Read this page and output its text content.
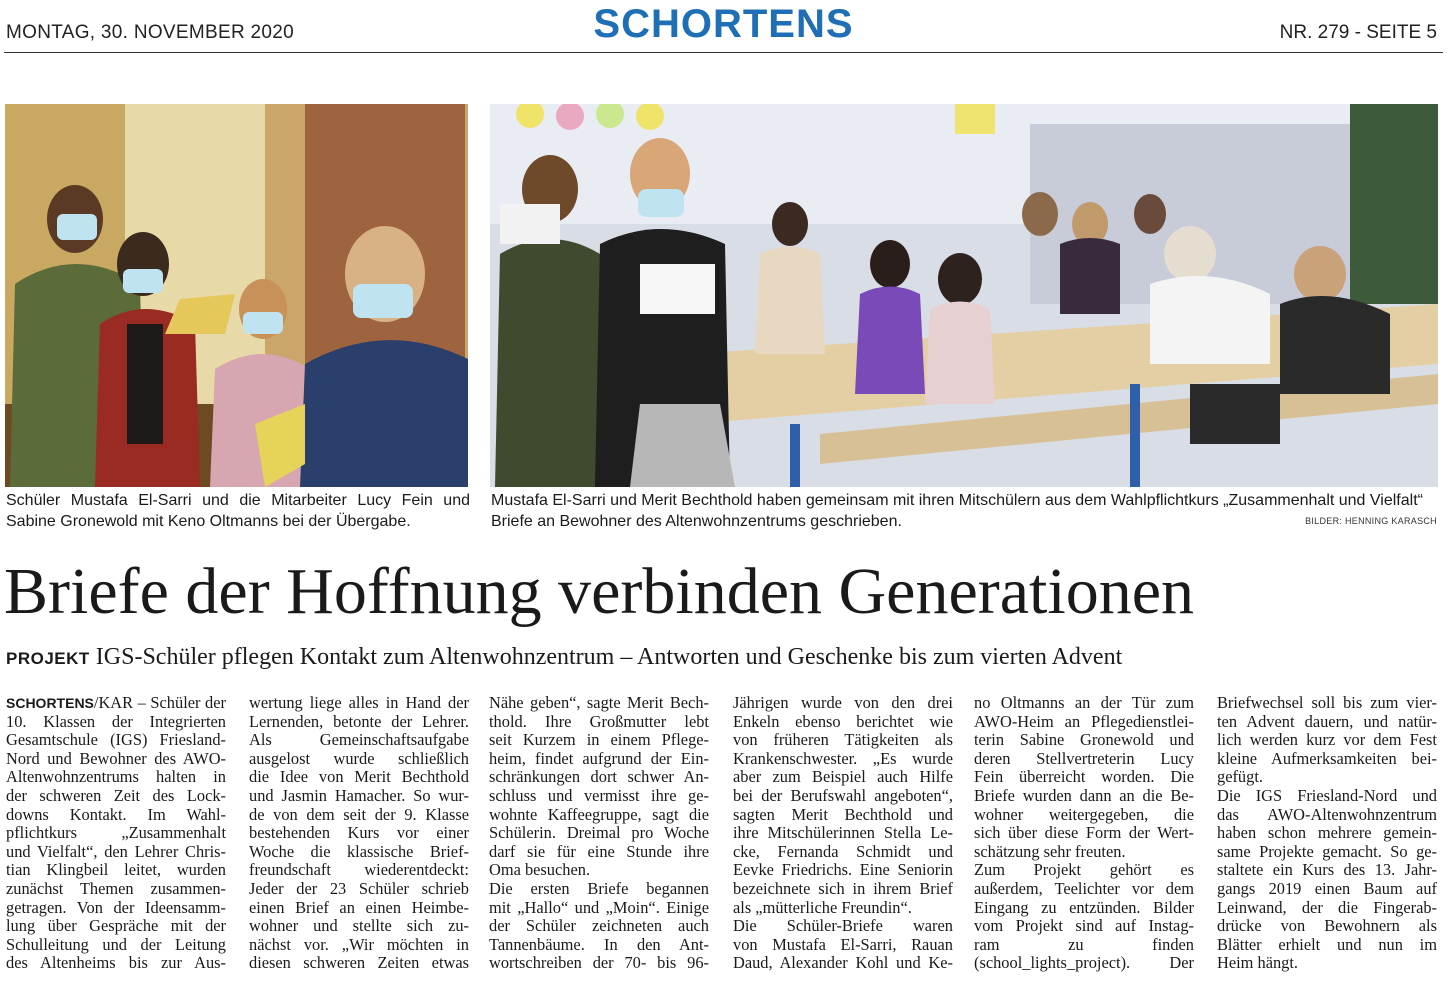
MONTAG, 30. NOVEMBER 2020	SCHORTENS	NR. 279 - SEITE 5
Schüler Mustafa El-Sarri und die Mitarbeiter Lucy Fein und Sabine Gronewold mit Keno Oltmanns bei der Übergabe.
Mustafa El-Sarri und Merit Bechthold haben gemeinsam mit ihren Mitschülern aus dem Wahlpflichtkurs „Zusammenhalt und Vielfalt“ Briefe an Bewohner des Altenwohnzentrums geschrieben.	BILDER: HENNING KARASCH
Briefe der Hoffnung verbinden Generationen
PROJEKT IGS-Schüler pflegen Kontakt zum Altenwohnzentrum – Antworten und Geschenke bis zum vierten Advent
SCHORTENS/KAR – Schüler der
10. Klassen der Integrierten
Gesamtschule (IGS) Friesland-
Nord und Bewohner des AWO-
Altenwohnzentrums halten in
der schweren Zeit des Lock-
downs Kontakt. Im Wahl-
pflichtkurs „Zusammenhalt
und Vielfalt“, den Lehrer Chris-
tian Klingbeil leitet, wurden
zunächst Themen zusammen-
getragen. Von der Ideensamm-
lung über Gespräche mit der
Schulleitung und der Leitung
des Altenheims bis zur Aus-
wertung liege alles in Hand der
Lernenden, betonte der Lehrer.
Als Gemeinschaftsaufgabe
ausgelost wurde schließlich
die Idee von Merit Bechthold
und Jasmin Hamacher. So wur-
de von dem seit der 9. Klasse
bestehenden Kurs vor einer
Woche die klassische Brief-
freundschaft wiederentdeckt:
Jeder der 23 Schüler schrieb
einen Brief an einen Heimbe-
wohner und stellte sich zu-
nächst vor. „Wir möchten in
diesen schweren Zeiten etwas
Nähe geben“, sagte Merit Bech-
thold. Ihre Großmutter lebt
seit Kurzem in einem Pflege-
heim, findet aufgrund der Ein-
schränkungen dort schwer An-
schluss und vermisst ihre ge-
wohnte Kaffeegruppe, sagt die
Schülerin. Dreimal pro Woche
darf sie für eine Stunde ihre
Oma besuchen.
Die ersten Briefe begannen
mit „Hallo“ und „Moin“. Einige
der Schüler zeichneten auch
Tannenbäume. In den Ant-
wortschreiben der 70- bis 96-
Jährigen wurde von den drei
Enkeln ebenso berichtet wie
von früheren Tätigkeiten als
Krankenschwester. „Es wurde
aber zum Beispiel auch Hilfe
bei der Berufswahl angeboten“,
sagten Merit Bechthold und
ihre Mitschülerinnen Stella Le-
cke, Fernanda Schmidt und
Eevke Friedrichs. Eine Seniorin
bezeichnete sich in ihrem Brief
als „mütterliche Freundin“.
Die Schüler-Briefe waren
von Mustafa El-Sarri, Rauan
Daud, Alexander Kohl und Ke-
no Oltmanns an der Tür zum
AWO-Heim an Pflegedienstlei-
terin Sabine Gronewold und
deren Stellvertreterin Lucy
Fein überreicht worden. Die
Briefe wurden dann an die Be-
wohner weitergegeben, die
sich über diese Form der Wert-
schätzung sehr freuten.
Zum Projekt gehört es
außerdem, Teelichter vor dem
Eingang zu entzünden. Bilder
vom Projekt sind auf Instag-
ram zu finden
(school_lights_project). Der
Briefwechsel soll bis zum vier-
ten Advent dauern, und natür-
lich werden kurz vor dem Fest
kleine Aufmerksamkeiten bei-
gefügt.
Die IGS Friesland-Nord und
das AWO-Altenwohnzentrum
haben schon mehrere gemein-
same Projekte gemacht. So ge-
staltete ein Kurs des 13. Jahr-
gangs 2019 einen Baum auf
Leinwand, der die Fingerab-
drücke von Bewohnern als
Blätter erhielt und nun im
Heim hängt.
